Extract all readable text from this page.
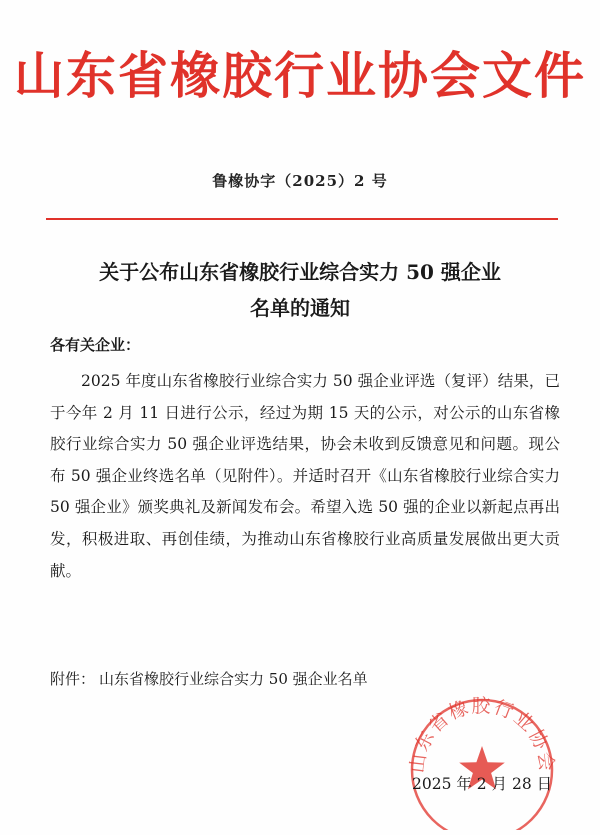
山东省橡胶行业协会文件
鲁橡协字（2025）2 号
关于公布山东省橡胶行业综合实力 50 强企业
名单的通知
各有关企业：

2025 年度山东省橡胶行业综合实力 50 强企业评选（复评）结果，已于今年 2 月 11 日进行公示，经过为期 15 天的公示，对公示的山东省橡胶行业综合实力 50 强企业评选结果，协会未收到反馈意见和问题。现公布 50 强企业终选名单（见附件）。并适时召开《山东省橡胶行业综合实力 50 强企业》颁奖典礼及新闻发布会。希望入选 50 强的企业以新起点再出发，积极进取、再创佳绩，为推动山东省橡胶行业高质量发展做出更大贡献。

附件： 山东省橡胶行业综合实力 50 强企业名单
山东省橡胶行业协会
2025 年 2 月 28 日
